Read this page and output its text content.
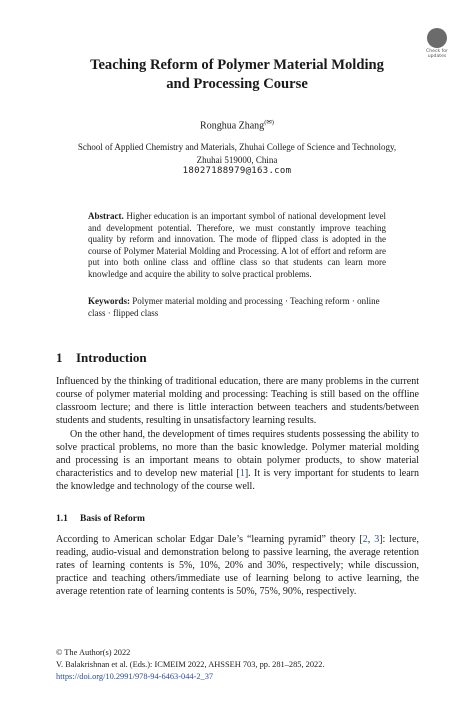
Check for
updates
Teaching Reform of Polymer Material Molding
and Processing Course
Ronghua Zhang(✉)
School of Applied Chemistry and Materials, Zhuhai College of Science and Technology,
Zhuhai 519000, China
18027188979@163.com
Abstract. Higher education is an important symbol of national development level and development potential. Therefore, we must constantly improve teaching quality by reform and innovation. The mode of flipped class is adopted in the course of Polymer Material Molding and Processing. A lot of effort and reform are put into both online class and offline class so that students can learn more knowledge and acquire the ability to solve practical problems.
Keywords: Polymer material molding and processing · Teaching reform · online class · flipped class
1 Introduction
Influenced by the thinking of traditional education, there are many problems in the current course of polymer material molding and processing: Teaching is still based on the offline classroom lecture; and there is little interaction between teachers and students/between students and students, resulting in unsatisfactory learning results.
On the other hand, the development of times requires students possessing the ability to solve practical problems, no more than the basic knowledge. Polymer material molding and processing is an important means to obtain polymer products, to show material characteristics and to develop new material [1]. It is very important for students to learn the knowledge and technology of the course well.
1.1 Basis of Reform
According to American scholar Edgar Dale’s “learning pyramid” theory [2, 3]: lecture, reading, audio-visual and demonstration belong to passive learning, the average retention rates of learning contents is 5%, 10%, 20% and 30%, respectively; while discussion, practice and teaching others/immediate use of learning belong to active learning, the average retention rate of learning contents is 50%, 75%, 90%, respectively.
© The Author(s) 2022
V. Balakrishnan et al. (Eds.): ICMEIM 2022, AHSSEH 703, pp. 281–285, 2022.
https://doi.org/10.2991/978-94-6463-044-2_37
